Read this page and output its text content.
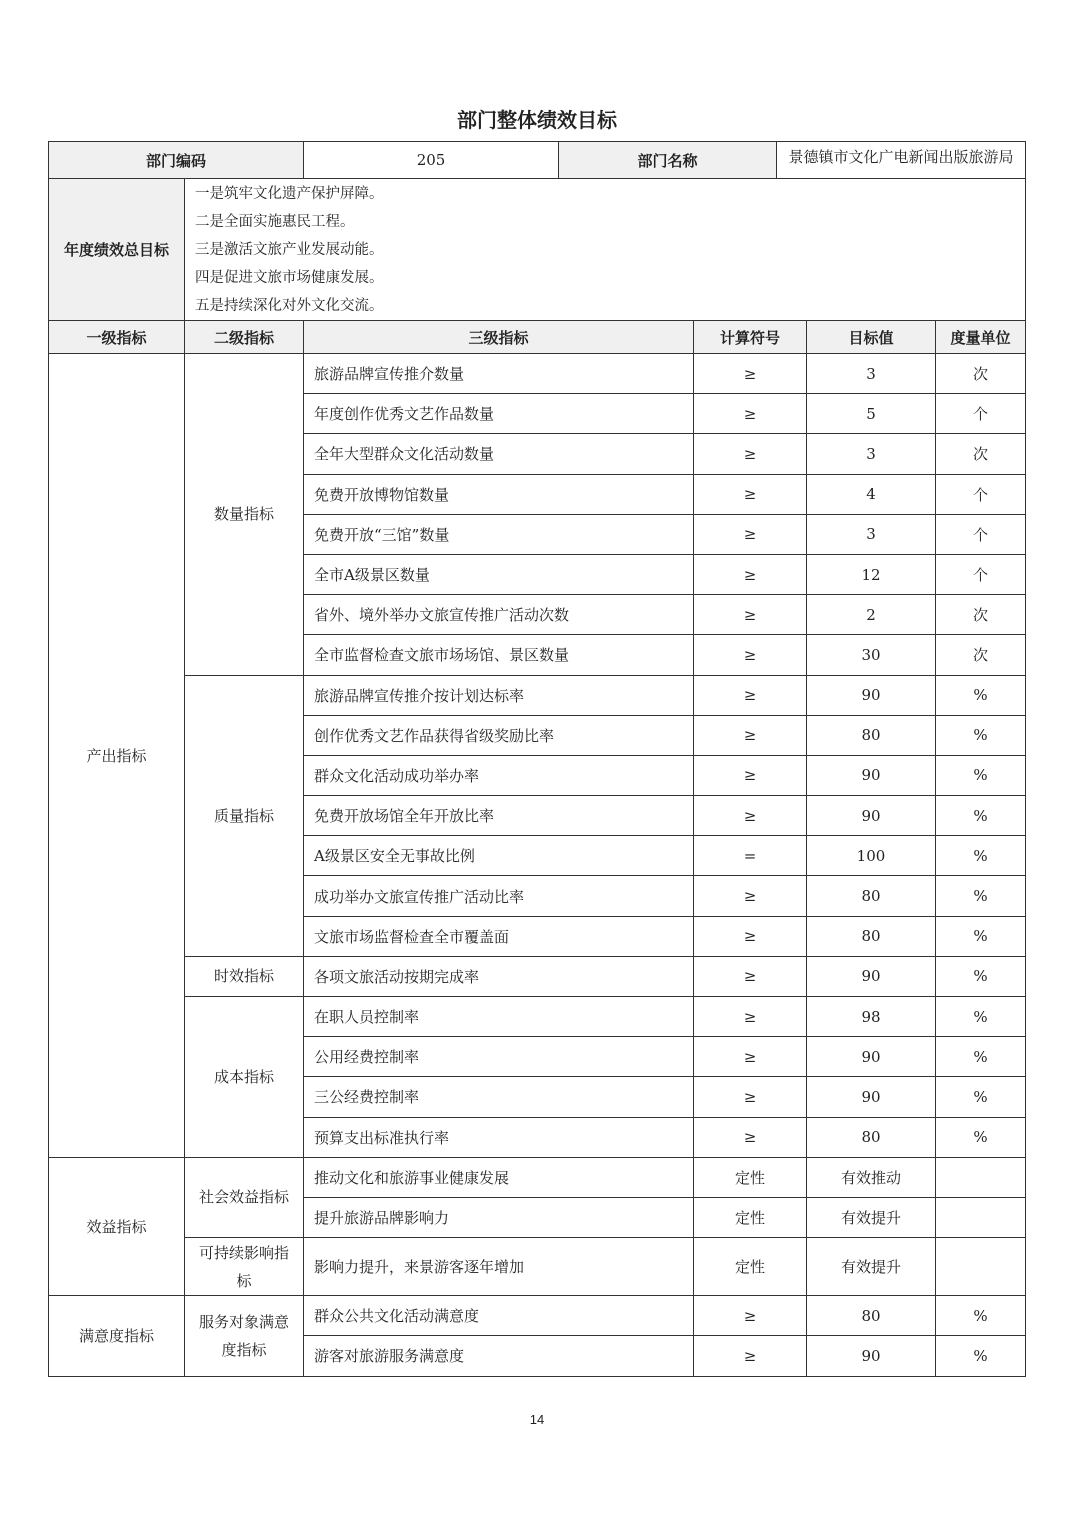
部门整体绩效目标
部门编码		205	部门名称	景德镇市文化广电新闻出版旅游局

年度绩效总目标	一是筑牢文化遗产保护屏障。
二是全面实施惠民工程。
三是激活文旅产业发展动能。
四是促进文旅市场健康发展。
五是持续深化对外文化交流。			
一级指标	二级指标	三级指标	计算符号	目标值	度量单位
产出指标	数量指标	旅游品牌宣传推介数量	≥	3	次
		年度创作优秀文艺作品数量	≥	5	个
		全年大型群众文化活动数量	≥	3	次
		免费开放博物馆数量	≥	4	个
		免费开放“三馆”数量	≥	3	个
		全市A级景区数量	≥	12	个
		省外、境外举办文旅宣传推广活动次数	≥	2	次
		全市监督检查文旅市场场馆、景区数量	≥	30	次
	质量指标	旅游品牌宣传推介按计划达标率	≥	90	%
		创作优秀文艺作品获得省级奖励比率	≥	80	%
		群众文化活动成功举办率	≥	90	%
		免费开放场馆全年开放比率	≥	90	%
		A级景区安全无事故比例	=	100	%
		成功举办文旅宣传推广活动比率	≥	80	%
		文旅市场监督检查全市覆盖面	≥	80	%
	时效指标	各项文旅活动按期完成率	≥	90	%
	成本指标	在职人员控制率	≥	98	%
		公用经费控制率	≥	90	%
		三公经费控制率	≥	90	%
		预算支出标准执行率	≥	80	%
效益指标	社会效益指标	推动文化和旅游事业健康发展	定性	有效推动	
		提升旅游品牌影响力	定性	有效提升	
	可持续影响指标	影响力提升，来景游客逐年增加	定性	有效提升	
满意度指标	服务对象满意度指标	群众公共文化活动满意度	≥	80	%
		游客对旅游服务满意度	≥	90	%
14
